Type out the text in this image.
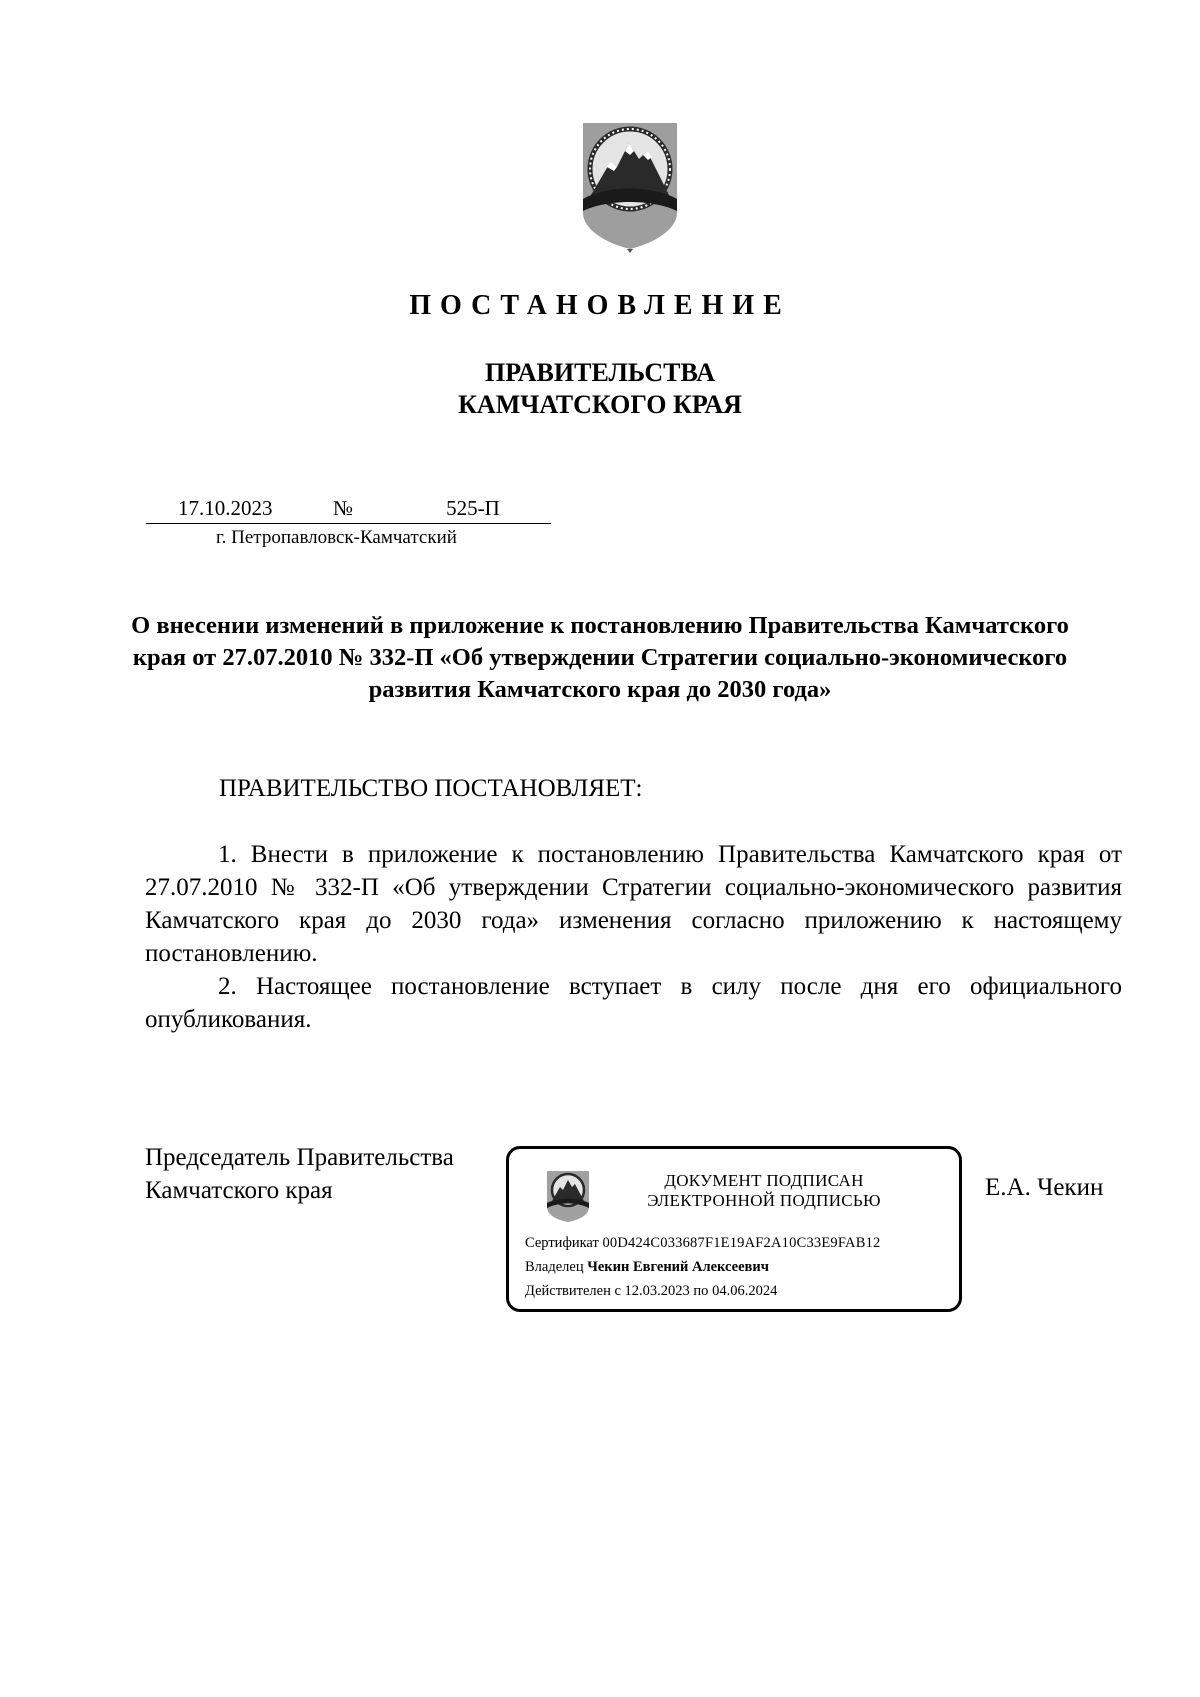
ПОСТАНОВЛЕНИЕ
ПРАВИТЕЛЬСТВА
КАМЧАТСКОГО КРАЯ
17.10.2023	№	525-П
г. Петропавловск-Камчатский
О внесении изменений в приложение к постановлению Правительства Камчатского края от 27.07.2010 № 332-П «Об утверждении Стратегии социально-экономического развития Камчатского края до 2030 года»
ПРАВИТЕЛЬСТВО ПОСТАНОВЛЯЕТ:

1. Внести в приложение к постановлению Правительства Камчатского края от 27.07.2010 № 332-П «Об утверждении Стратегии социально-экономического развития Камчатского края до 2030 года» изменения согласно приложению к настоящему постановлению.

2. Настоящее постановление вступает в силу после дня его официального опубликования.

Председатель Правительства
Камчатского края	Е.А. Чекин
ДОКУМЕНТ ПОДПИСАН
ЭЛЕКТРОННОЙ ПОДПИСЬЮ
Сертификат 00D424C033687F1E19AF2A10C33E9FAB12
Владелец Чекин Евгений Алексеевич
Действителен с 12.03.2023 по 04.06.2024
